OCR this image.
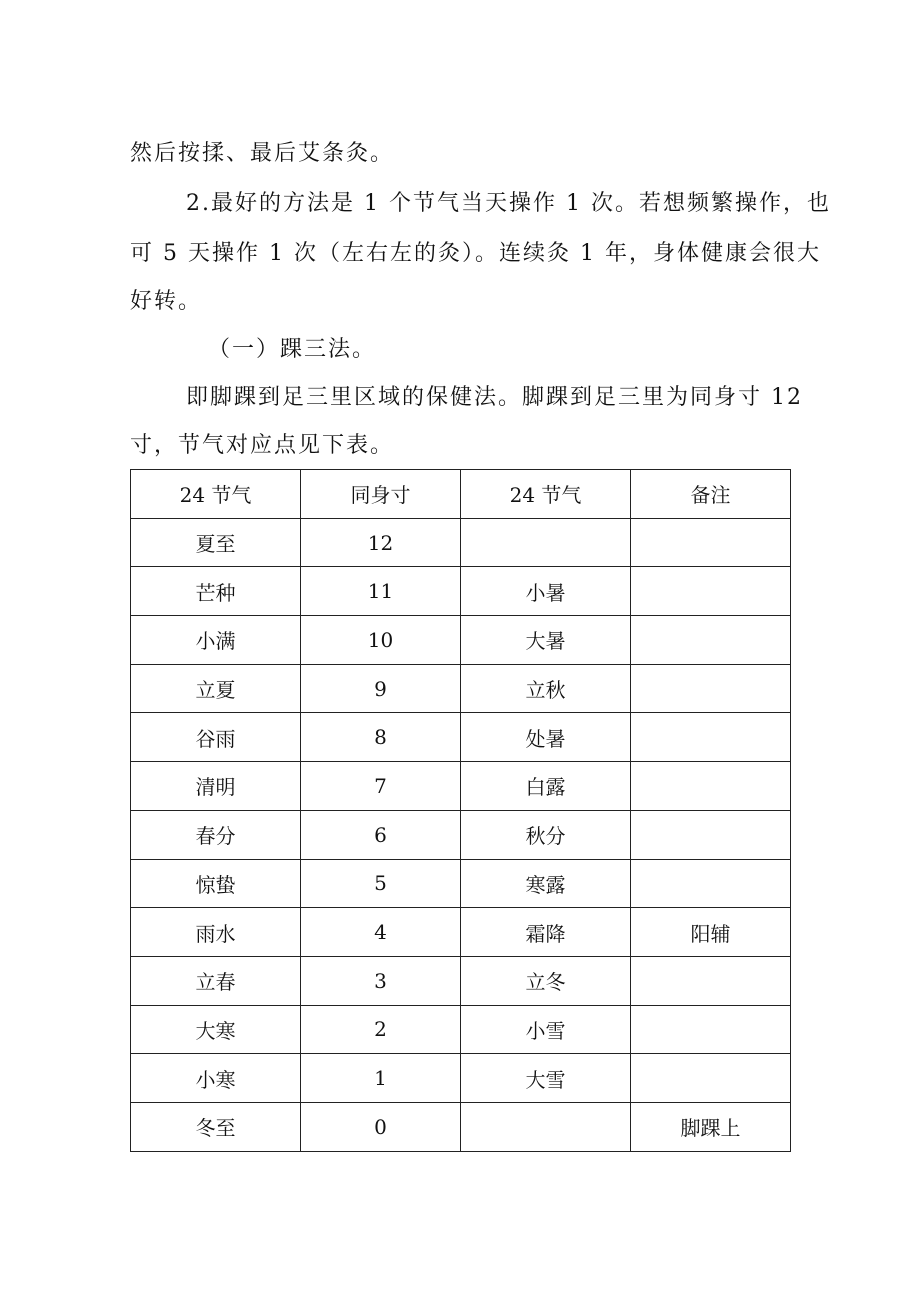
然后按揉、最后艾条灸。
2.最好的方法是 1 个节气当天操作 1 次。若想频繁操作，也
可 5 天操作 1 次（左右左的灸）。连续灸 1 年，身体健康会很大
好转。
（一）踝三法。
即脚踝到足三里区域的保健法。脚踝到足三里为同身寸 12
寸，节气对应点见下表。
24 节气	同身寸	24 节气	备注
夏至	12		
芒种	11	小暑	
小满	10	大暑	
立夏	9	立秋	
谷雨	8	处暑	
清明	7	白露	
春分	6	秋分	
惊蛰	5	寒露	
雨水	4	霜降	阳辅
立春	3	立冬	
大寒	2	小雪	
小寒	1	大雪	
冬至	0		脚踝上
